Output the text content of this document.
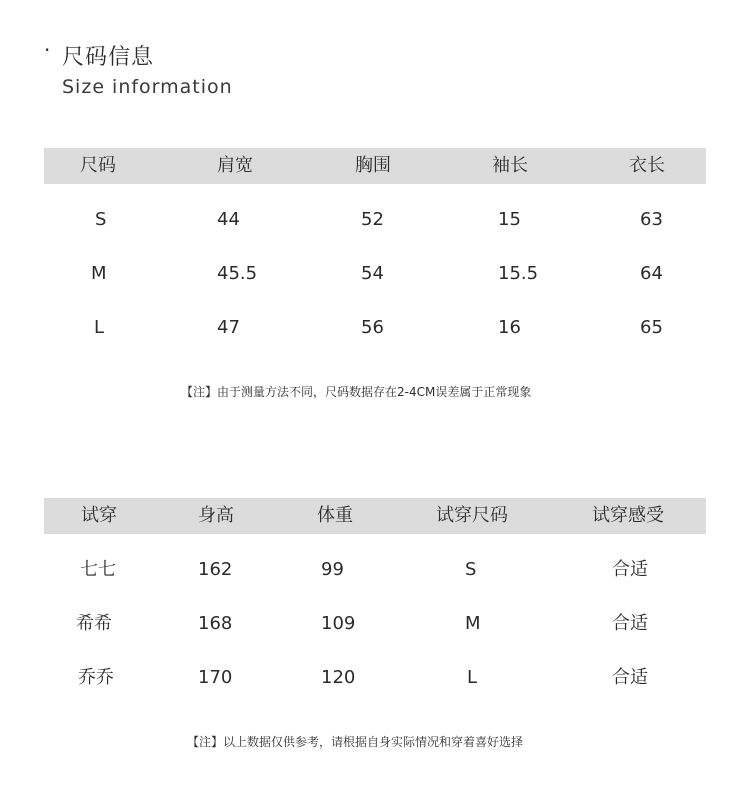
· 尺码信息
Size information
尺码	肩宽	胸围	袖长	衣长
S	44	52	15	63
M	45.5	54	15.5	64
L	47	56	16	65
【注】由于测量方法不同，尺码数据存在2-4CM误差属于正常现象
试穿	身高	体重	试穿尺码	试穿感受
七七	162	99	S	合适
希希	168	109	M	合适
乔乔	170	120	L	合适
【注】以上数据仅供参考，请根据自身实际情况和穿着喜好选择
